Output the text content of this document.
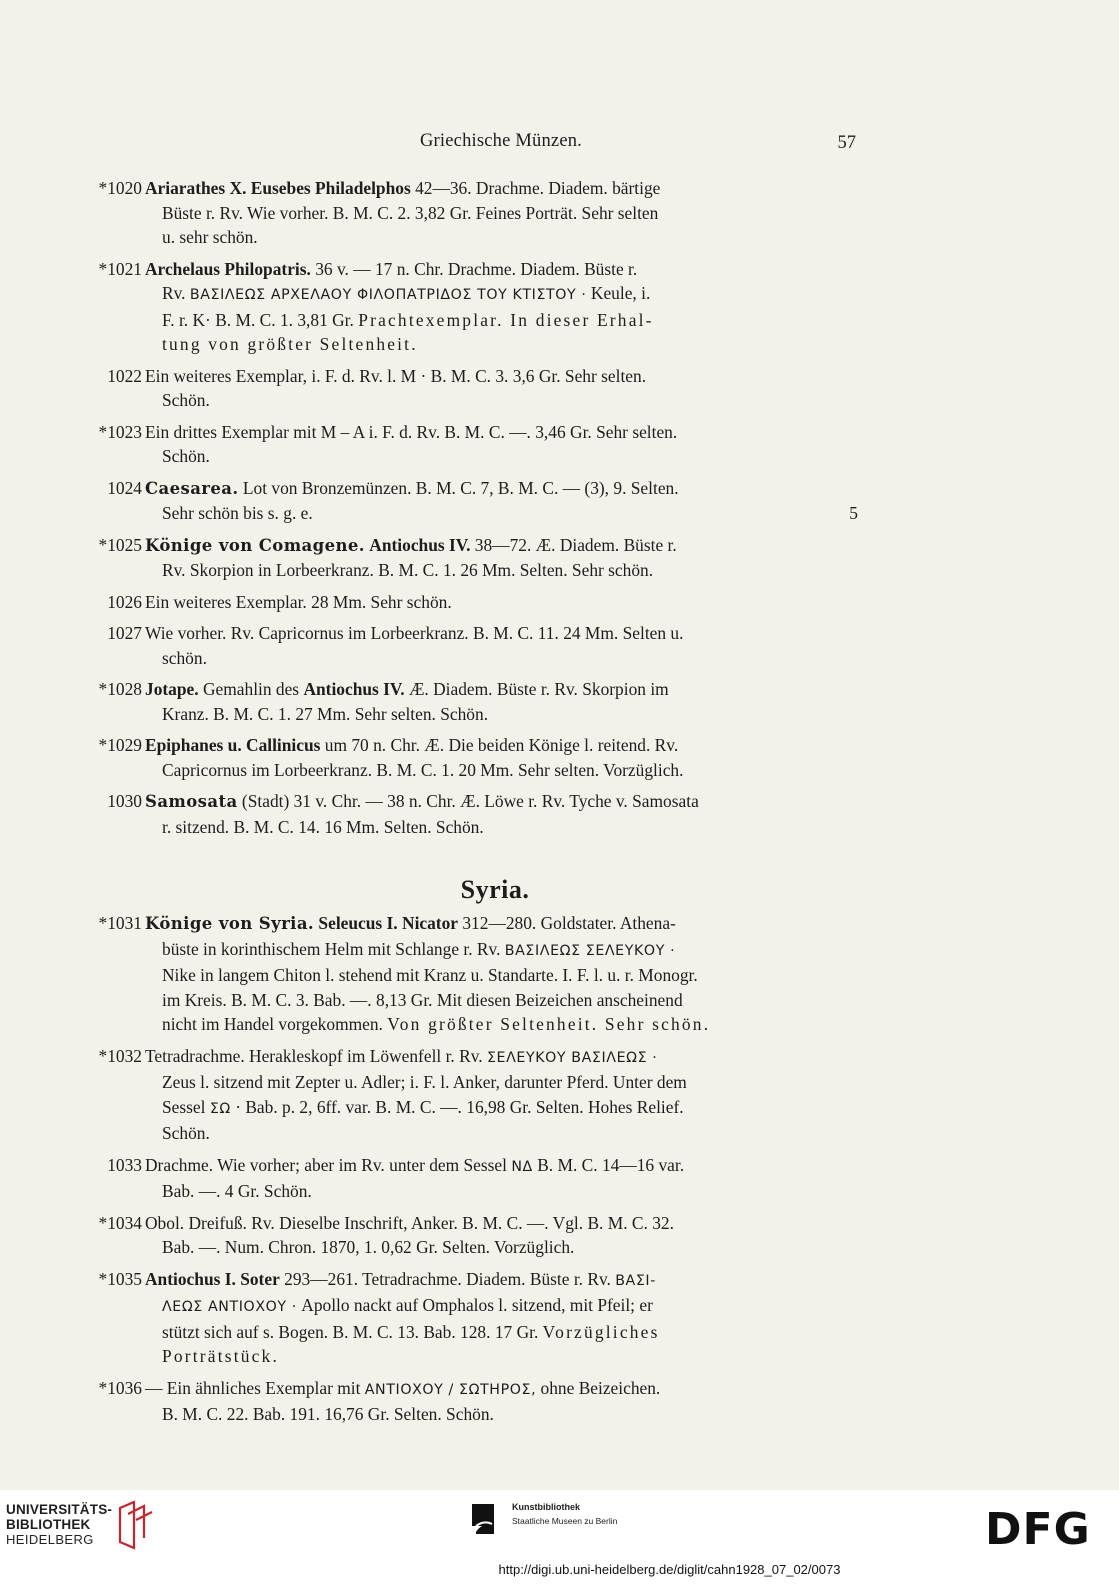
Griechische Münzen.	57
*1020 Ariarathes X. Eusebes Philadelphos 42—36. Drachme. Diadem. bärtige
Büste r. Rv. Wie vorher. B. M. C. 2. 3,82 Gr. Feines Porträt. Sehr selten
u. sehr schön.
*1021 Archelaus Philopatris. 36 v. — 17 n. Chr. Drachme. Diadem. Büste r.
Rv. ΒΑΣΙΛΕΩΣ ΑΡΧΕΛΑΟΥ ΦΙΛΟΠΑΤΡΙΔΟΣ ΤΟΥ ΚΤΙΣΤΟΥ · Keule, i.
F. r. K· B. M. C. 1. 3,81 Gr. Prachtexemplar. In dieser Erhal-
tung von größter Seltenheit.
1022 Ein weiteres Exemplar, i. F. d. Rv. l. M · B. M. C. 3. 3,6 Gr. Sehr selten.
Schön.
*1023 Ein drittes Exemplar mit M – A i. F. d. Rv. B. M. C. —. 3,46 Gr. Sehr selten.
Schön.
1024 Caesarea. Lot von Bronzemünzen. B. M. C. 7, B. M. C. — (3), 9. Selten.
Sehr schön bis s. g. e.	5
*1025 Könige von Comagene. Antiochus IV. 38—72. Æ. Diadem. Büste r.
Rv. Skorpion in Lorbeerkranz. B. M. C. 1. 26 Mm. Selten. Sehr schön.
1026 Ein weiteres Exemplar. 28 Mm. Sehr schön.
1027 Wie vorher. Rv. Capricornus im Lorbeerkranz. B. M. C. 11. 24 Mm. Selten u.
schön.
*1028 Jotape. Gemahlin des Antiochus IV. Æ. Diadem. Büste r. Rv. Skorpion im
Kranz. B. M. C. 1. 27 Mm. Sehr selten. Schön.
*1029 Epiphanes u. Callinicus um 70 n. Chr. Æ. Die beiden Könige l. reitend. Rv.
Capricornus im Lorbeerkranz. B. M. C. 1. 20 Mm. Sehr selten. Vorzüglich.
1030 Samosata (Stadt) 31 v. Chr. — 38 n. Chr. Æ. Löwe r. Rv. Tyche v. Samosata
r. sitzend. B. M. C. 14. 16 Mm. Selten. Schön.
Syria.
*1031 Könige von Syria. Seleucus I. Nicator 312—280. Goldstater. Athena-
büste in korinthischem Helm mit Schlange r. Rv. ΒΑΣΙΛΕΩΣ ΣΕΛΕΥΚΟΥ ·
Nike in langem Chiton l. stehend mit Kranz u. Standarte. I. F. l. u. r. Monogr.
im Kreis. B. M. C. 3. Bab. —. 8,13 Gr. Mit diesen Beizeichen anscheinend
nicht im Handel vorgekommen. Von größter Seltenheit. Sehr schön.
*1032 Tetradrachme. Herakleskopf im Löwenfell r. Rv. ΣΕΛΕΥΚΟΥ ΒΑΣΙΛΕΩΣ ·
Zeus l. sitzend mit Zepter u. Adler; i. F. l. Anker, darunter Pferd. Unter dem
Sessel ΣΩ · Bab. p. 2, 6ff. var. B. M. C. —. 16,98 Gr. Selten. Hohes Relief.
Schön.
1033 Drachme. Wie vorher; aber im Rv. unter dem Sessel ΝΔ B. M. C. 14—16 var.
Bab. —. 4 Gr. Schön.
*1034 Obol. Dreifuß. Rv. Dieselbe Inschrift, Anker. B. M. C. —. Vgl. B. M. C. 32.
Bab. —. Num. Chron. 1870, 1. 0,62 Gr. Selten. Vorzüglich.
*1035 Antiochus I. Soter 293—261. Tetradrachme. Diadem. Büste r. Rv. ΒΑΣΙ-
ΛΕΩΣ ΑΝΤΙΟΧΟΥ · Apollo nackt auf Omphalos l. sitzend, mit Pfeil; er
stützt sich auf s. Bogen. B. M. C. 13. Bab. 128. 17 Gr. Vorzügliches
Porträtstück.
*1036 — Ein ähnliches Exemplar mit ΑΝΤΙΟΧΟΥ / ΣΩΤΗΡΟΣ, ohne Beizeichen.
B. M. C. 22. Bab. 191. 16,76 Gr. Selten. Schön.
UNIVERSITÄTS-
BIBLIOTHEK
HEIDELBERG
Kunstbibliothek
Staatliche Museen zu Berlin	DFG
http://digi.ub.uni-heidelberg.de/diglit/cahn1928_07_02/0073
